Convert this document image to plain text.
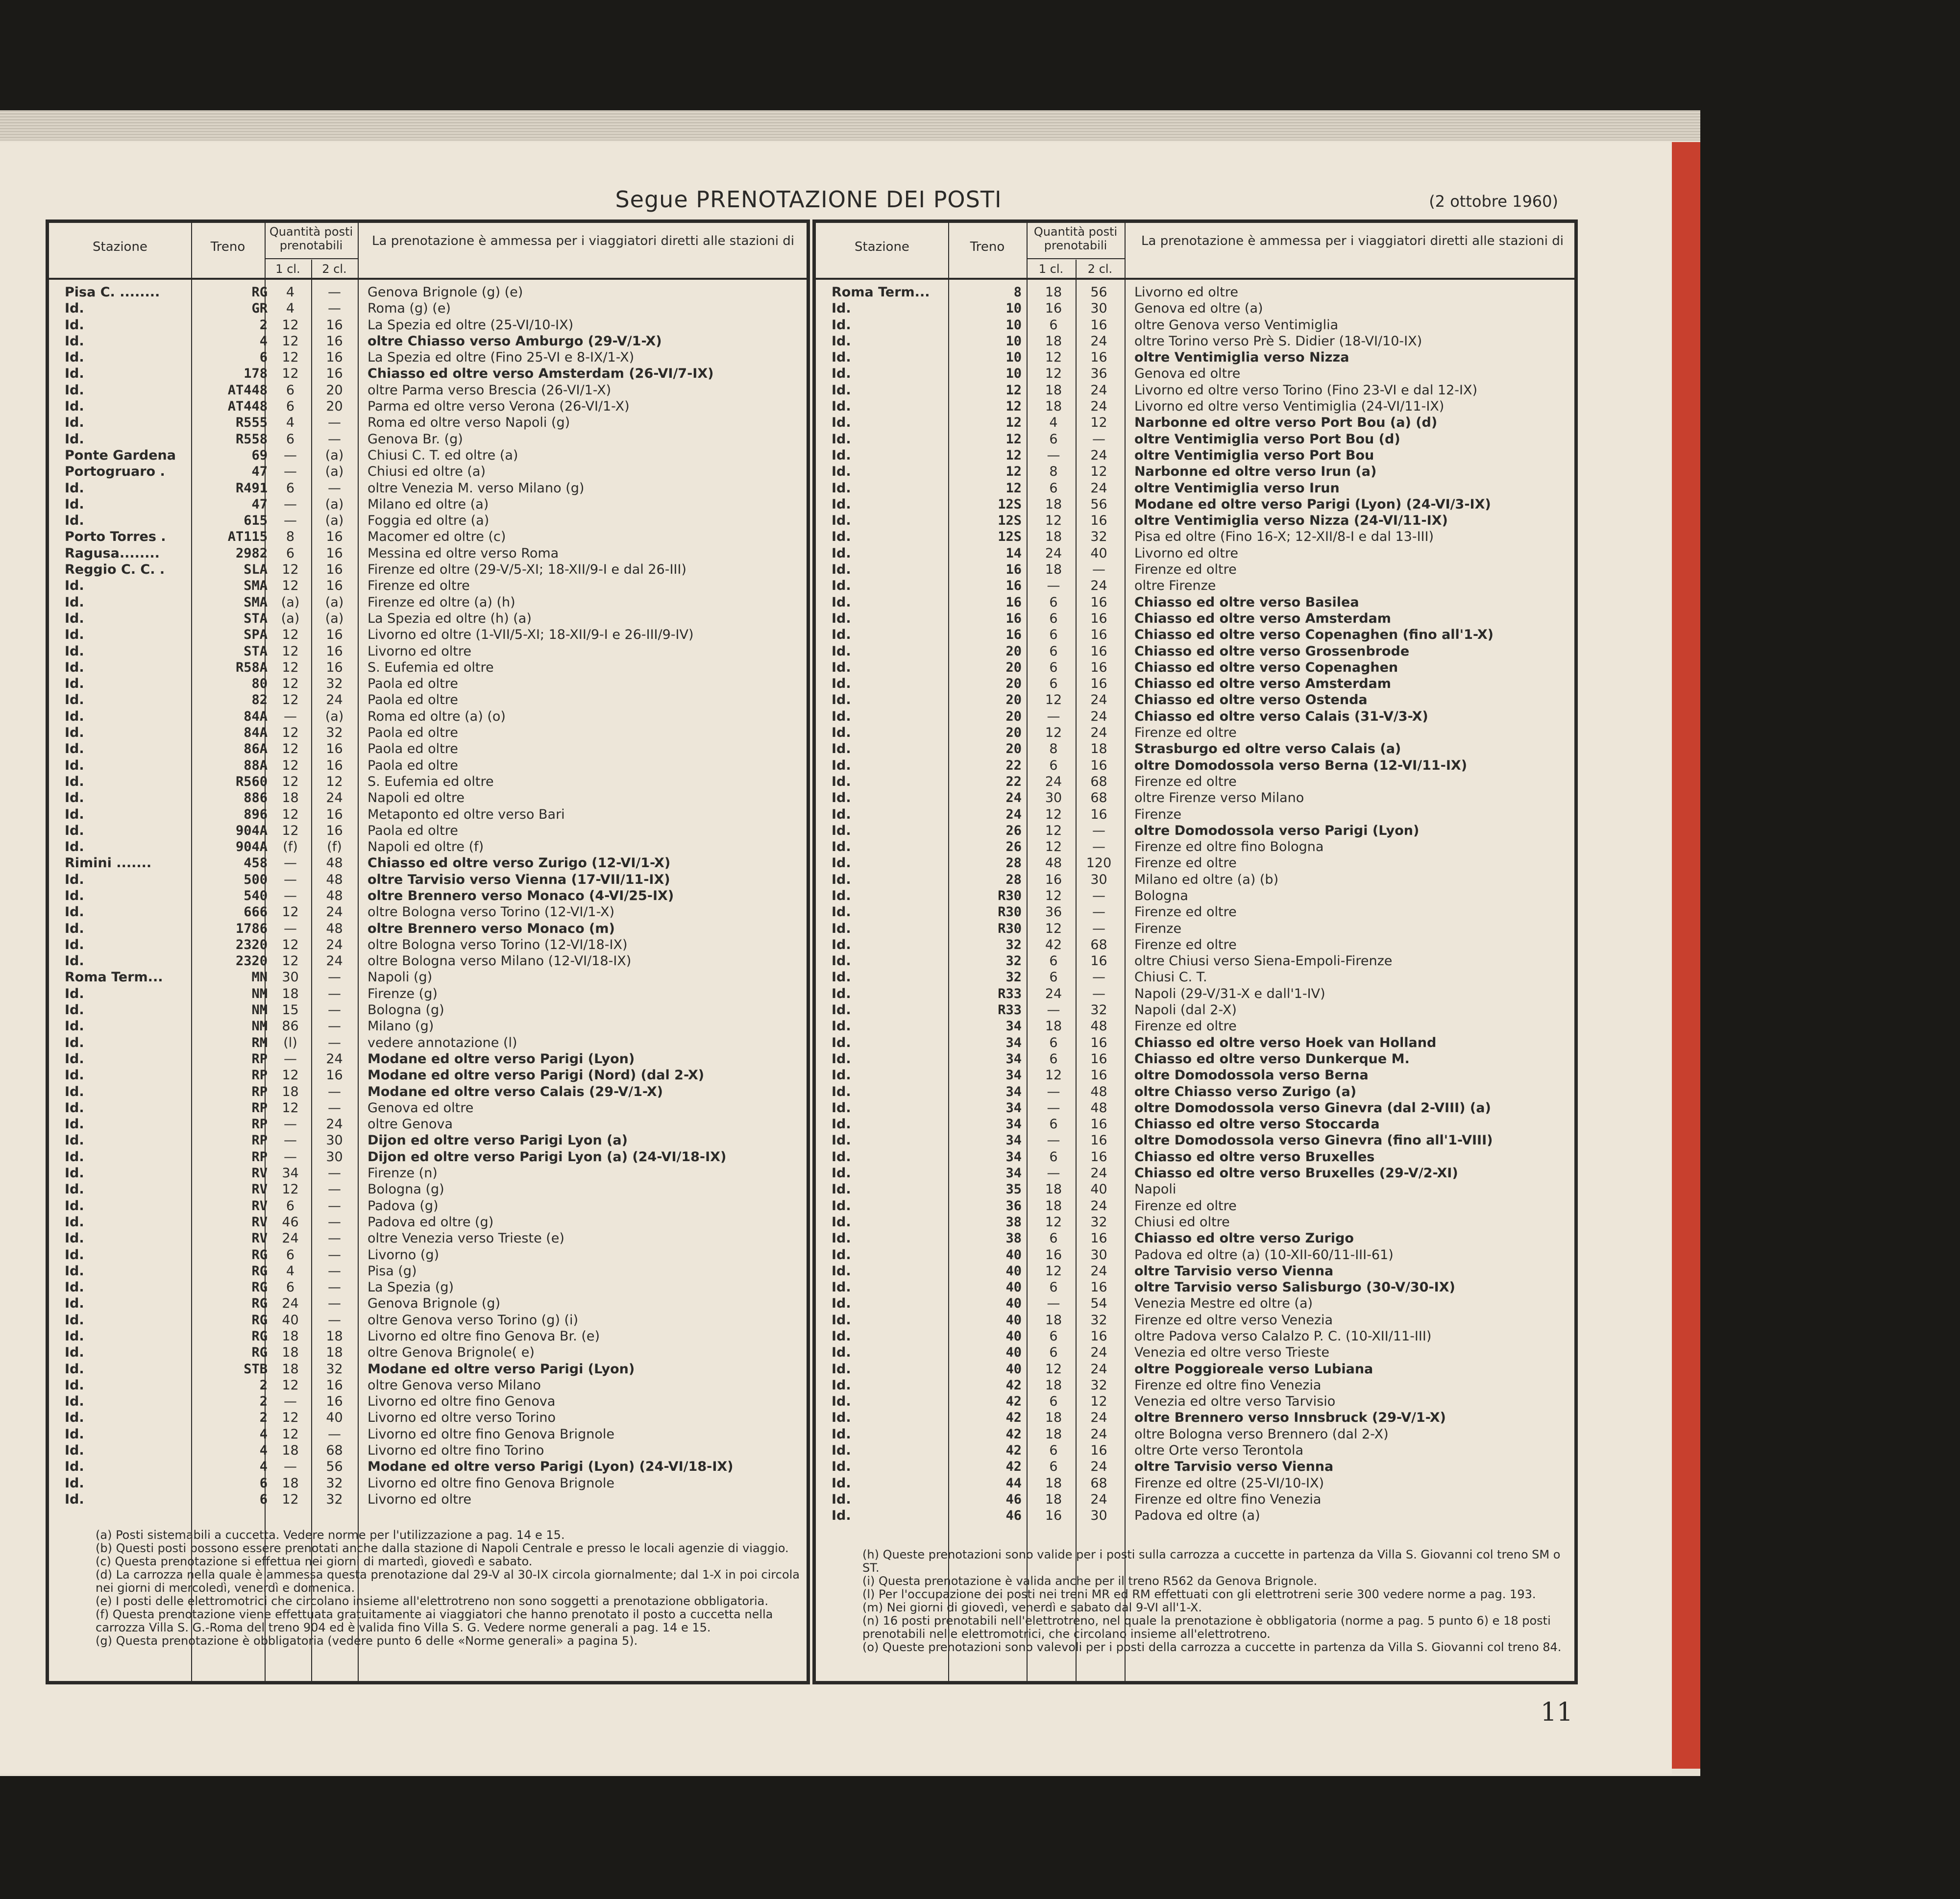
Segue PRENOTAZIONE DEI POSTI	(2 ottobre 1960)
Stazione	Treno
Quantità posti prenotabili
1 cl.	2 cl.
La prenotazione è ammessa per i viaggiatori diretti alle stazioni di
Pisa C. ........	RG	4	—	Genova Brignole (g) (e)
Id.	GR	4	—	Roma (g) (e)
Id.	2	12	16	La Spezia ed oltre (25-VI/10-IX)
Id.	4	12	16	oltre Chiasso verso Amburgo (29-V/1-X)
Id.	6	12	16	La Spezia ed oltre (Fino 25-VI e 8-IX/1-X)
Id.	178	12	16	Chiasso ed oltre verso Amsterdam (26-VI/7-IX)
Id.	AT448	6	20	oltre Parma verso Brescia (26-VI/1-X)
Id.	AT448	6	20	Parma ed oltre verso Verona (26-VI/1-X)
Id.	R555	4	—	Roma ed oltre verso Napoli (g)
Id.	R558	6	—	Genova Br. (g)
Ponte Gardena	69	—	(a)	Chiusi C. T. ed oltre (a)
Portogruaro .	47	—	(a)	Chiusi ed oltre (a)
Id.	R491	6	—	oltre Venezia M. verso Milano (g)
Id.	47	—	(a)	Milano ed oltre (a)
Id.	615	—	(a)	Foggia ed oltre (a)
Porto Torres .	AT115	8	16	Macomer ed oltre (c)
Ragusa........	2982	6	16	Messina ed oltre verso Roma
Reggio C. C. .	SLA	12	16	Firenze ed oltre (29-V/5-XI; 18-XII/9-I e dal 26-III)
Id.	SMA	12	16	Firenze ed oltre
Id.	SMA	(a)	(a)	Firenze ed oltre (a) (h)
Id.	STA	(a)	(a)	La Spezia ed oltre (h) (a)
Id.	SPA	12	16	Livorno ed oltre (1-VII/5-XI; 18-XII/9-I e 26-III/9-IV)
Id.	STA	12	16	Livorno ed oltre
Id.	R58A	12	16	S. Eufemia ed oltre
Id.	80	12	32	Paola ed oltre
Id.	82	12	24	Paola ed oltre
Id.	84A	—	(a)	Roma ed oltre (a) (o)
Id.	84A	12	32	Paola ed oltre
Id.	86A	12	16	Paola ed oltre
Id.	88A	12	16	Paola ed oltre
Id.	R560	12	12	S. Eufemia ed oltre
Id.	886	18	24	Napoli ed oltre
Id.	896	12	16	Metaponto ed oltre verso Bari
Id.	904A	12	16	Paola ed oltre
Id.	904A	(f)	(f)	Napoli ed oltre (f)
Rimini .......	458	—	48	Chiasso ed oltre verso Zurigo (12-VI/1-X)
Id.	500	—	48	oltre Tarvisio verso Vienna (17-VII/11-IX)
Id.	540	—	48	oltre Brennero verso Monaco (4-VI/25-IX)
Id.	666	12	24	oltre Bologna verso Torino (12-VI/1-X)
Id.	1786	—	48	oltre Brennero verso Monaco (m)
Id.	2320	12	24	oltre Bologna verso Torino (12-VI/18-IX)
Id.	2320	12	24	oltre Bologna verso Milano (12-VI/18-IX)
Roma Term...	MN	30	—	Napoli (g)
Id.	NM	18	—	Firenze (g)
Id.	NM	15	—	Bologna (g)
Id.	NM	86	—	Milano (g)
Id.	RM	(l)	—	vedere annotazione (l)
Id.	RP	—	24	Modane ed oltre verso Parigi (Lyon)
Id.	RP	12	16	Modane ed oltre verso Parigi (Nord) (dal 2-X)
Id.	RP	18	—	Modane ed oltre verso Calais (29-V/1-X)
Id.	RP	12	—	Genova ed oltre
Id.	RP	—	24	oltre Genova
Id.	RP	—	30	Dijon ed oltre verso Parigi Lyon (a)
Id.	RP	—	30	Dijon ed oltre verso Parigi Lyon (a) (24-VI/18-IX)
Id.	RV	34	—	Firenze (n)
Id.	RV	12	—	Bologna (g)
Id.	RV	6	—	Padova (g)
Id.	RV	46	—	Padova ed oltre (g)
Id.	RV	24	—	oltre Venezia verso Trieste (e)
Id.	RG	6	—	Livorno (g)
Id.	RG	4	—	Pisa (g)
Id.	RG	6	—	La Spezia (g)
Id.	RG	24	—	Genova Brignole (g)
Id.	RG	40	—	oltre Genova verso Torino (g) (i)
Id.	RG	18	18	Livorno ed oltre fino Genova Br. (e)
Id.	RG	18	18	oltre Genova Brignole( e)
Id.	STB	18	32	Modane ed oltre verso Parigi (Lyon)
Id.	2	12	16	oltre Genova verso Milano
Id.	2	—	16	Livorno ed oltre fino Genova
Id.	2	12	40	Livorno ed oltre verso Torino
Id.	4	12	—	Livorno ed oltre fino Genova Brignole
Id.	4	18	68	Livorno ed oltre fino Torino
Id.	4	—	56	Modane ed oltre verso Parigi (Lyon) (24-VI/18-IX)
Id.	6	18	32	Livorno ed oltre fino Genova Brignole
Id.	6	12	32	Livorno ed oltre
Stazione	Treno
Quantità posti prenotabili
1 cl.	2 cl.
La prenotazione è ammessa per i viaggiatori diretti alle stazioni di
Roma Term...	8	18	56	Livorno ed oltre
Id.	10	16	30	Genova ed oltre (a)
Id.	10	6	16	oltre Genova verso Ventimiglia
Id.	10	18	24	oltre Torino verso Prè S. Didier (18-VI/10-IX)
Id.	10	12	16	oltre Ventimiglia verso Nizza
Id.	10	12	36	Genova ed oltre
Id.	12	18	24	Livorno ed oltre verso Torino (Fino 23-VI e dal 12-IX)
Id.	12	18	24	Livorno ed oltre verso Ventimiglia (24-VI/11-IX)
Id.	12	4	12	Narbonne ed oltre verso Port Bou (a) (d)
Id.	12	6	—	oltre Ventimiglia verso Port Bou (d)
Id.	12	—	24	oltre Ventimiglia verso Port Bou
Id.	12	8	12	Narbonne ed oltre verso Irun (a)
Id.	12	6	24	oltre Ventimiglia verso Irun
Id.	12S	18	56	Modane ed oltre verso Parigi (Lyon) (24-VI/3-IX)
Id.	12S	12	16	oltre Ventimiglia verso Nizza (24-VI/11-IX)
Id.	12S	18	32	Pisa ed oltre (Fino 16-X; 12-XII/8-I e dal 13-III)
Id.	14	24	40	Livorno ed oltre
Id.	16	18	—	Firenze ed oltre
Id.	16	—	24	oltre Firenze
Id.	16	6	16	Chiasso ed oltre verso Basilea
Id.	16	6	16	Chiasso ed oltre verso Amsterdam
Id.	16	6	16	Chiasso ed oltre verso Copenaghen (fino all'1-X)
Id.	20	6	16	Chiasso ed oltre verso Grossenbrode
Id.	20	6	16	Chiasso ed oltre verso Copenaghen
Id.	20	6	16	Chiasso ed oltre verso Amsterdam
Id.	20	12	24	Chiasso ed oltre verso Ostenda
Id.	20	—	24	Chiasso ed oltre verso Calais (31-V/3-X)
Id.	20	12	24	Firenze ed oltre
Id.	20	8	18	Strasburgo ed oltre verso Calais (a)
Id.	22	6	16	oltre Domodossola verso Berna (12-VI/11-IX)
Id.	22	24	68	Firenze ed oltre
Id.	24	30	68	oltre Firenze verso Milano
Id.	24	12	16	Firenze
Id.	26	12	—	oltre Domodossola verso Parigi (Lyon)
Id.	26	12	—	Firenze ed oltre fino Bologna
Id.	28	48	120	Firenze ed oltre
Id.	28	16	30	Milano ed oltre (a) (b)
Id.	R30	12	—	Bologna
Id.	R30	36	—	Firenze ed oltre
Id.	R30	12	—	Firenze
Id.	32	42	68	Firenze ed oltre
Id.	32	6	16	oltre Chiusi verso Siena-Empoli-Firenze
Id.	32	6	—	Chiusi C. T.
Id.	R33	24	—	Napoli (29-V/31-X e dall'1-IV)
Id.	R33	—	32	Napoli (dal 2-X)
Id.	34	18	48	Firenze ed oltre
Id.	34	6	16	Chiasso ed oltre verso Hoek van Holland
Id.	34	6	16	Chiasso ed oltre verso Dunkerque M.
Id.	34	12	16	oltre Domodossola verso Berna
Id.	34	—	48	oltre Chiasso verso Zurigo (a)
Id.	34	—	48	oltre Domodossola verso Ginevra (dal 2-VIII) (a)
Id.	34	6	16	Chiasso ed oltre verso Stoccarda
Id.	34	—	16	oltre Domodossola verso Ginevra (fino all'1-VIII)
Id.	34	6	16	Chiasso ed oltre verso Bruxelles
Id.	34	—	24	Chiasso ed oltre verso Bruxelles (29-V/2-XI)
Id.	35	18	40	Napoli
Id.	36	18	24	Firenze ed oltre
Id.	38	12	32	Chiusi ed oltre
Id.	38	6	16	Chiasso ed oltre verso Zurigo
Id.	40	16	30	Padova ed oltre (a) (10-XII-60/11-III-61)
Id.	40	12	24	oltre Tarvisio verso Vienna
Id.	40	6	16	oltre Tarvisio verso Salisburgo (30-V/30-IX)
Id.	40	—	54	Venezia Mestre ed oltre (a)
Id.	40	18	32	Firenze ed oltre verso Venezia
Id.	40	6	16	oltre Padova verso Calalzo P. C. (10-XII/11-III)
Id.	40	6	24	Venezia ed oltre verso Trieste
Id.	40	12	24	oltre Poggioreale verso Lubiana
Id.	42	18	32	Firenze ed oltre fino Venezia
Id.	42	6	12	Venezia ed oltre verso Tarvisio
Id.	42	18	24	oltre Brennero verso Innsbruck (29-V/1-X)
Id.	42	18	24	oltre Bologna verso Brennero (dal 2-X)
Id.	42	6	16	oltre Orte verso Terontola
Id.	42	6	24	oltre Tarvisio verso Vienna
Id.	44	18	68	Firenze ed oltre (25-VI/10-IX)
Id.	46	18	24	Firenze ed oltre fino Venezia
Id.	46	16	30	Padova ed oltre (a)
(a) Posti sistemabili a cuccetta. Vedere norme per l'utilizzazione a pag. 14 e 15.
(b) Questi posti possono essere prenotati anche dalla stazione di Napoli Centrale e presso le locali agenzie di viaggio.
(c) Questa prenotazione si effettua nei giorni di martedì, giovedì e sabato.
(d) La carrozza nella quale è ammessa questa prenotazione dal 29-V al 30-IX circola giornalmente; dal 1-X in poi circola nei giorni di mercoledì, venerdì e domenica.
(e) I posti delle elettromotrici che circolano insieme all'elettrotreno non sono soggetti a prenotazione obbligatoria.
(f) Questa prenotazione viene effettuata gratuitamente ai viaggiatori che hanno prenotato il posto a cuccetta nella carrozza Villa S. G.-Roma del treno 904 ed è valida fino Villa S. G. Vedere norme generali a pag. 14 e 15.
(g) Questa prenotazione è obbligatoria (vedere punto 6 delle «Norme generali» a pagina 5).
(h) Queste prenotazioni sono valide per i posti sulla carrozza a cuccette in partenza da Villa S. Giovanni col treno SM o ST.
(i) Questa prenotazione è valida anche per il treno R562 da Genova Brignole.
(l) Per l'occupazione dei posti nei treni MR ed RM effettuati con gli elettrotreni serie 300 vedere norme a pag. 193.
(m) Nei giorni di giovedì, venerdì e sabato dal 9-VI all'1-X.
(n) 16 posti prenotabili nell'elettrotreno, nel quale la prenotazione è obbligatoria (norme a pag. 5 punto 6) e 18 posti prenotabili nelle elettromotrici, che circolano insieme all'elettrotreno.
(o) Queste prenotazioni sono valevoli per i posti della carrozza a cuccette in partenza da Villa S. Giovanni col treno 84.
11
